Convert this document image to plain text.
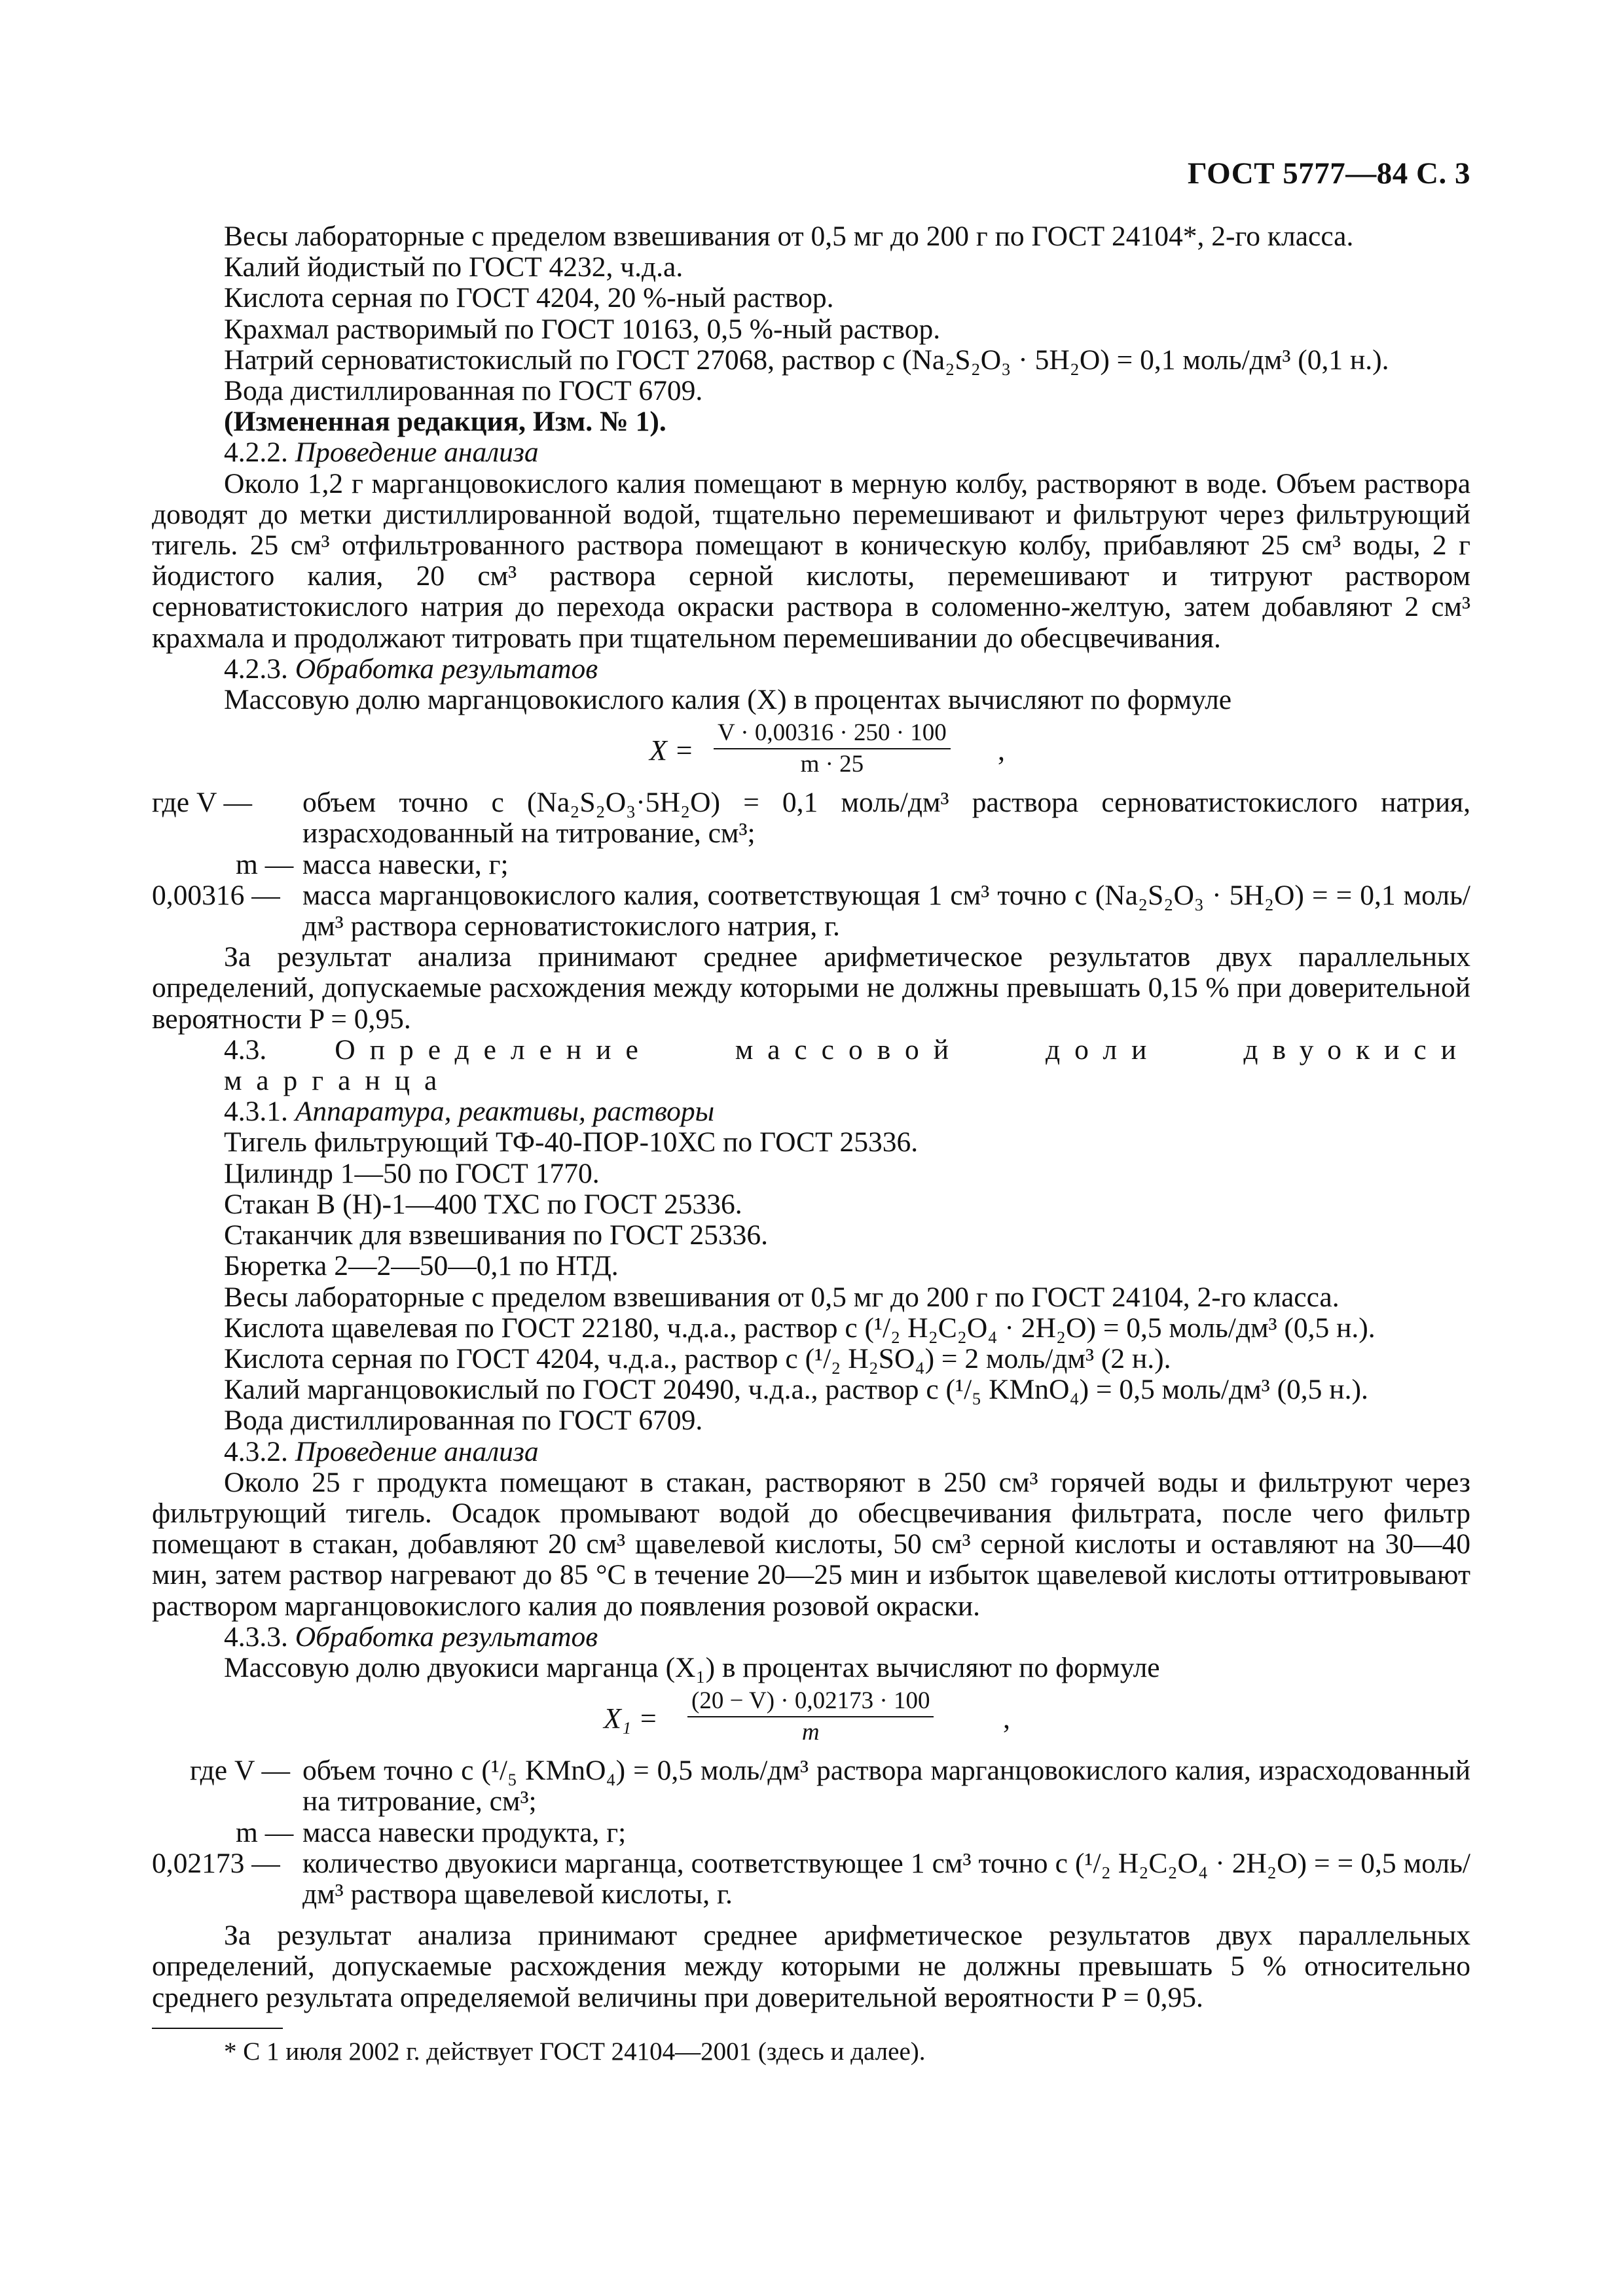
ГОСТ 5777—84 С. 3

Весы лабораторные с пределом взвешивания от 0,5 мг до 200 г по ГОСТ 24104*, 2-го класса.

Калий йодистый по ГОСТ 4232, ч.д.а.

Кислота серная по ГОСТ 4204, 20 %-ный раствор.

Крахмал растворимый по ГОСТ 10163, 0,5 %-ный раствор.

Натрий серноватистокислый по ГОСТ 27068, раствор c (Na₂S₂O₃ · 5H₂O) = 0,1 моль/дм³ (0,1 н.).

Вода дистиллированная по ГОСТ 6709.

(Измененная редакция, Изм. № 1).

4.2.2. Проведение анализа

Около 1,2 г марганцовокислого калия помещают в мерную колбу, растворяют в воде. Объем раствора доводят до метки дистиллированной водой, тщательно перемешивают и фильтруют через фильтрующий тигель. 25 см³ отфильтрованного раствора помещают в коническую колбу, прибавляют 25 см³ воды, 2 г йодистого калия, 20 см³ раствора серной кислоты, перемешивают и титруют раствором серноватистокислого натрия до перехода окраски раствора в соломенно-желтую, затем добавляют 2 см³ крахмала и продолжают титровать при тщательном перемешивании до обесцвечивания.

4.2.3. Обработка результатов

Массовую долю марганцовокислого калия (X) в процентах вычисляют по формуле

$X = \frac{V \cdot 0,00316 \cdot 250 \cdot 100}{m \cdot 25}$ ,
где V — объем точно c (Na₂S₂O₃·5H₂O) = 0,1 моль/дм³ раствора серноватистокислого натрия, израсходованный на титрование, см³;
m — масса навески, г;
0,00316 — масса марганцовокислого калия, соответствующая 1 см³ точно c (Na₂S₂O₃ · 5H₂O) = = 0,1 моль/дм³ раствора серноватистокислого натрия, г.

За результат анализа принимают среднее арифметическое результатов двух параллельных определений, допускаемые расхождения между которыми не должны превышать 0,15 % при доверительной вероятности P = 0,95.

4.3. Определение массовой доли двуокиси марганца

4.3.1. Аппаратура, реактивы, растворы

Тигель фильтрующий ТФ-40-ПОР-10ХС по ГОСТ 25336.

Цилиндр 1—50 по ГОСТ 1770.

Стакан В (Н)-1—400 ТХС по ГОСТ 25336.

Стаканчик для взвешивания по ГОСТ 25336.

Бюретка 2—2—50—0,1 по НТД.

Весы лабораторные с пределом взвешивания от 0,5 мг до 200 г по ГОСТ 24104, 2-го класса.

Кислота щавелевая по ГОСТ 22180, ч.д.а., раствор c (¹/₂ H₂C₂O₄ · 2H₂O) = 0,5 моль/дм³ (0,5 н.).

Кислота серная по ГОСТ 4204, ч.д.а., раствор c (¹/₂ H₂SO₄) = 2 моль/дм³ (2 н.).

Калий марганцовокислый по ГОСТ 20490, ч.д.а., раствор c (¹/₅ KMnO₄) = 0,5 моль/дм³ (0,5 н.).

Вода дистиллированная по ГОСТ 6709.

4.3.2. Проведение анализа

Около 25 г продукта помещают в стакан, растворяют в 250 см³ горячей воды и фильтруют через фильтрующий тигель. Осадок промывают водой до обесцвечивания фильтрата, после чего фильтр помещают в стакан, добавляют 20 см³ щавелевой кислоты, 50 см³ серной кислоты и оставляют на 30—40 мин, затем раствор нагревают до 85 °С в течение 20—25 мин и избыток щавелевой кислоты оттитровывают раствором марганцовокислого калия до появления розовой окраски.

4.3.3. Обработка результатов

Массовую долю двуокиси марганца (X₁) в процентах вычисляют по формуле

$X_1 = \frac{(20 - V) \cdot 0,02173 \cdot 100}{m}$ ,
где V — объем точно c (¹/₅ KMnO₄) = 0,5 моль/дм³ раствора марганцовокислого калия, израсходованный на титрование, см³;
m — масса навески продукта, г;
0,02173 — количество двуокиси марганца, соответствующее 1 см³ точно c (¹/₂ H₂C₂O₄ · 2H₂O) = = 0,5 моль/дм³ раствора щавелевой кислоты, г.

За результат анализа принимают среднее арифметическое результатов двух параллельных определений, допускаемые расхождения между которыми не должны превышать 5 % относительно среднего результата определяемой величины при доверительной вероятности P = 0,95.

* С 1 июля 2002 г. действует ГОСТ 24104—2001 (здесь и далее).
